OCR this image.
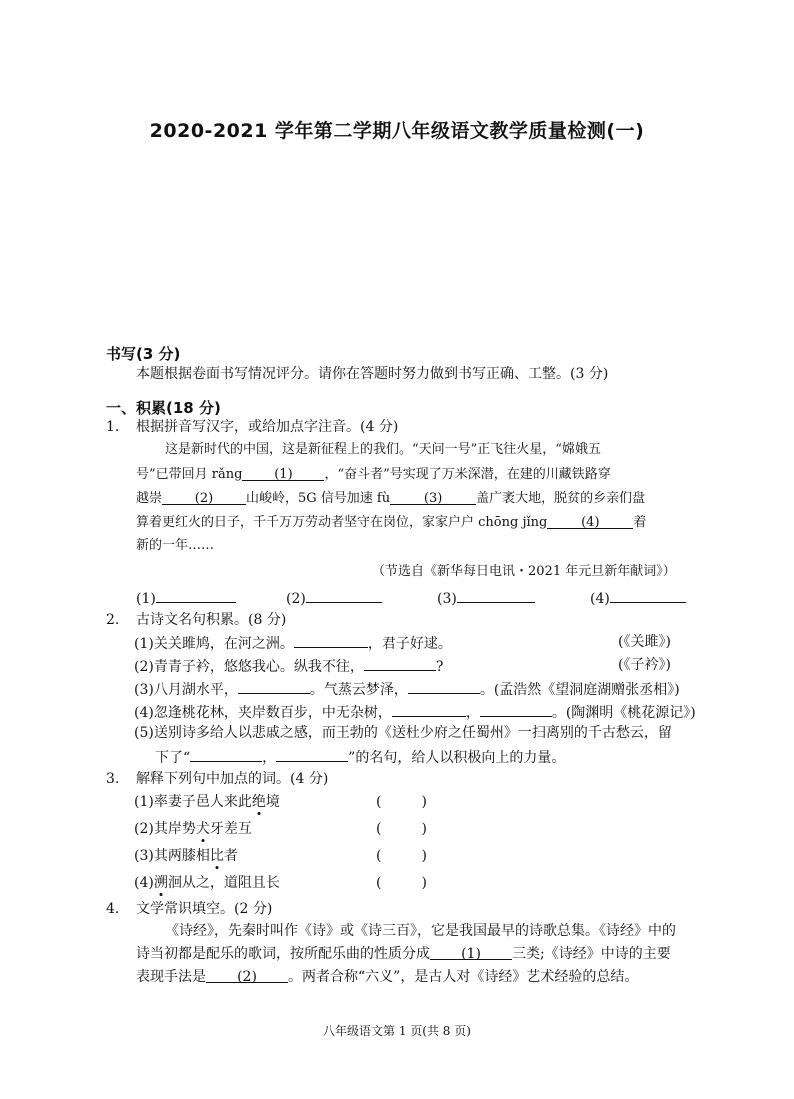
2020-2021 学年第二学期八年级语文教学质量检测(一)
书写(3 分)
本题根据卷面书写情况评分。请你在答题时努力做到书写正确、工整。(3 分)
一、积累(18 分)
1. 根据拼音写汉字，或给加点字注音。(4 分)
这是新时代的中国，这是新征程上的我们。“天问一号”正飞往火星，“嫦娥五
号”已带回月 rǎng (1) ，“奋斗者”号实现了万米深潜，在建的川藏铁路穿
越崇	(2)	山峻岭，5G 信号加速 fù	(3)	盖广袤大地，脱贫的乡亲们盘
算着更红火的日子，千千万万劳动者坚守在岗位，家家户户 chōng jǐng	(4)	着
新的一年……
（节选自《新华每日电讯・2021 年元旦新年献词》）
(1)	(2)	(3)	(4)
2. 古诗文名句积累。(8 分)
(1)关关雎鸠，在河之洲。	，君子好逑。	(《关雎》)
(2)青青子衿，悠悠我心。纵我不往，	?	(《子衿》)
(3)八月湖水平，	。气蒸云梦泽，	。(孟浩然《望洞庭湖赠张丞相》)
(4)忽逢桃花林，夹岸数百步，中无杂树，	，	。(陶渊明《桃花源记》)
(5)送别诗多给人以悲戚之感，而王勃的《送杜少府之任蜀州》一扫离别的千古愁云，留
下了“	，	”的名句，给人以积极向上的力量。
3. 解释下列句中加点的词。(4 分)
(1)率妻子邑人来此绝境	(	)
(2)其岸势犬牙差互	(	)
(3)其两膝相比者	(	)
(4)溯洄从之，道阻且长	(	)
4. 文学常识填空。(2 分)
《诗经》，先秦时叫作《诗》或《诗三百》，它是我国最早的诗歌总集。《诗经》中的
诗当初都是配乐的歌词，按所配乐曲的性质分成 (1) 三类;《诗经》中诗的主要
表现手法是 (2) 。两者合称“六义”，是古人对《诗经》艺术经验的总结。
八年级语文第 1 页(共 8 页)
